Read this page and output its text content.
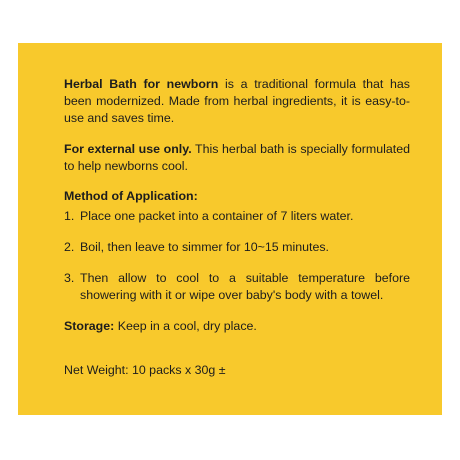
Herbal Bath for newborn is a traditional formula that has been modernized. Made from herbal ingredients, it is easy-to-use and saves time.

For external use only. This herbal bath is specially formulated to help newborns cool.

Method of Application:

1. Place one packet into a container of 7 liters water.
2. Boil, then leave to simmer for 10~15 minutes.
3. Then allow to cool to a suitable temperature before showering with it or wipe over baby's body with a towel.

Storage: Keep in a cool, dry place.

Net Weight: 10 packs x 30g ±
